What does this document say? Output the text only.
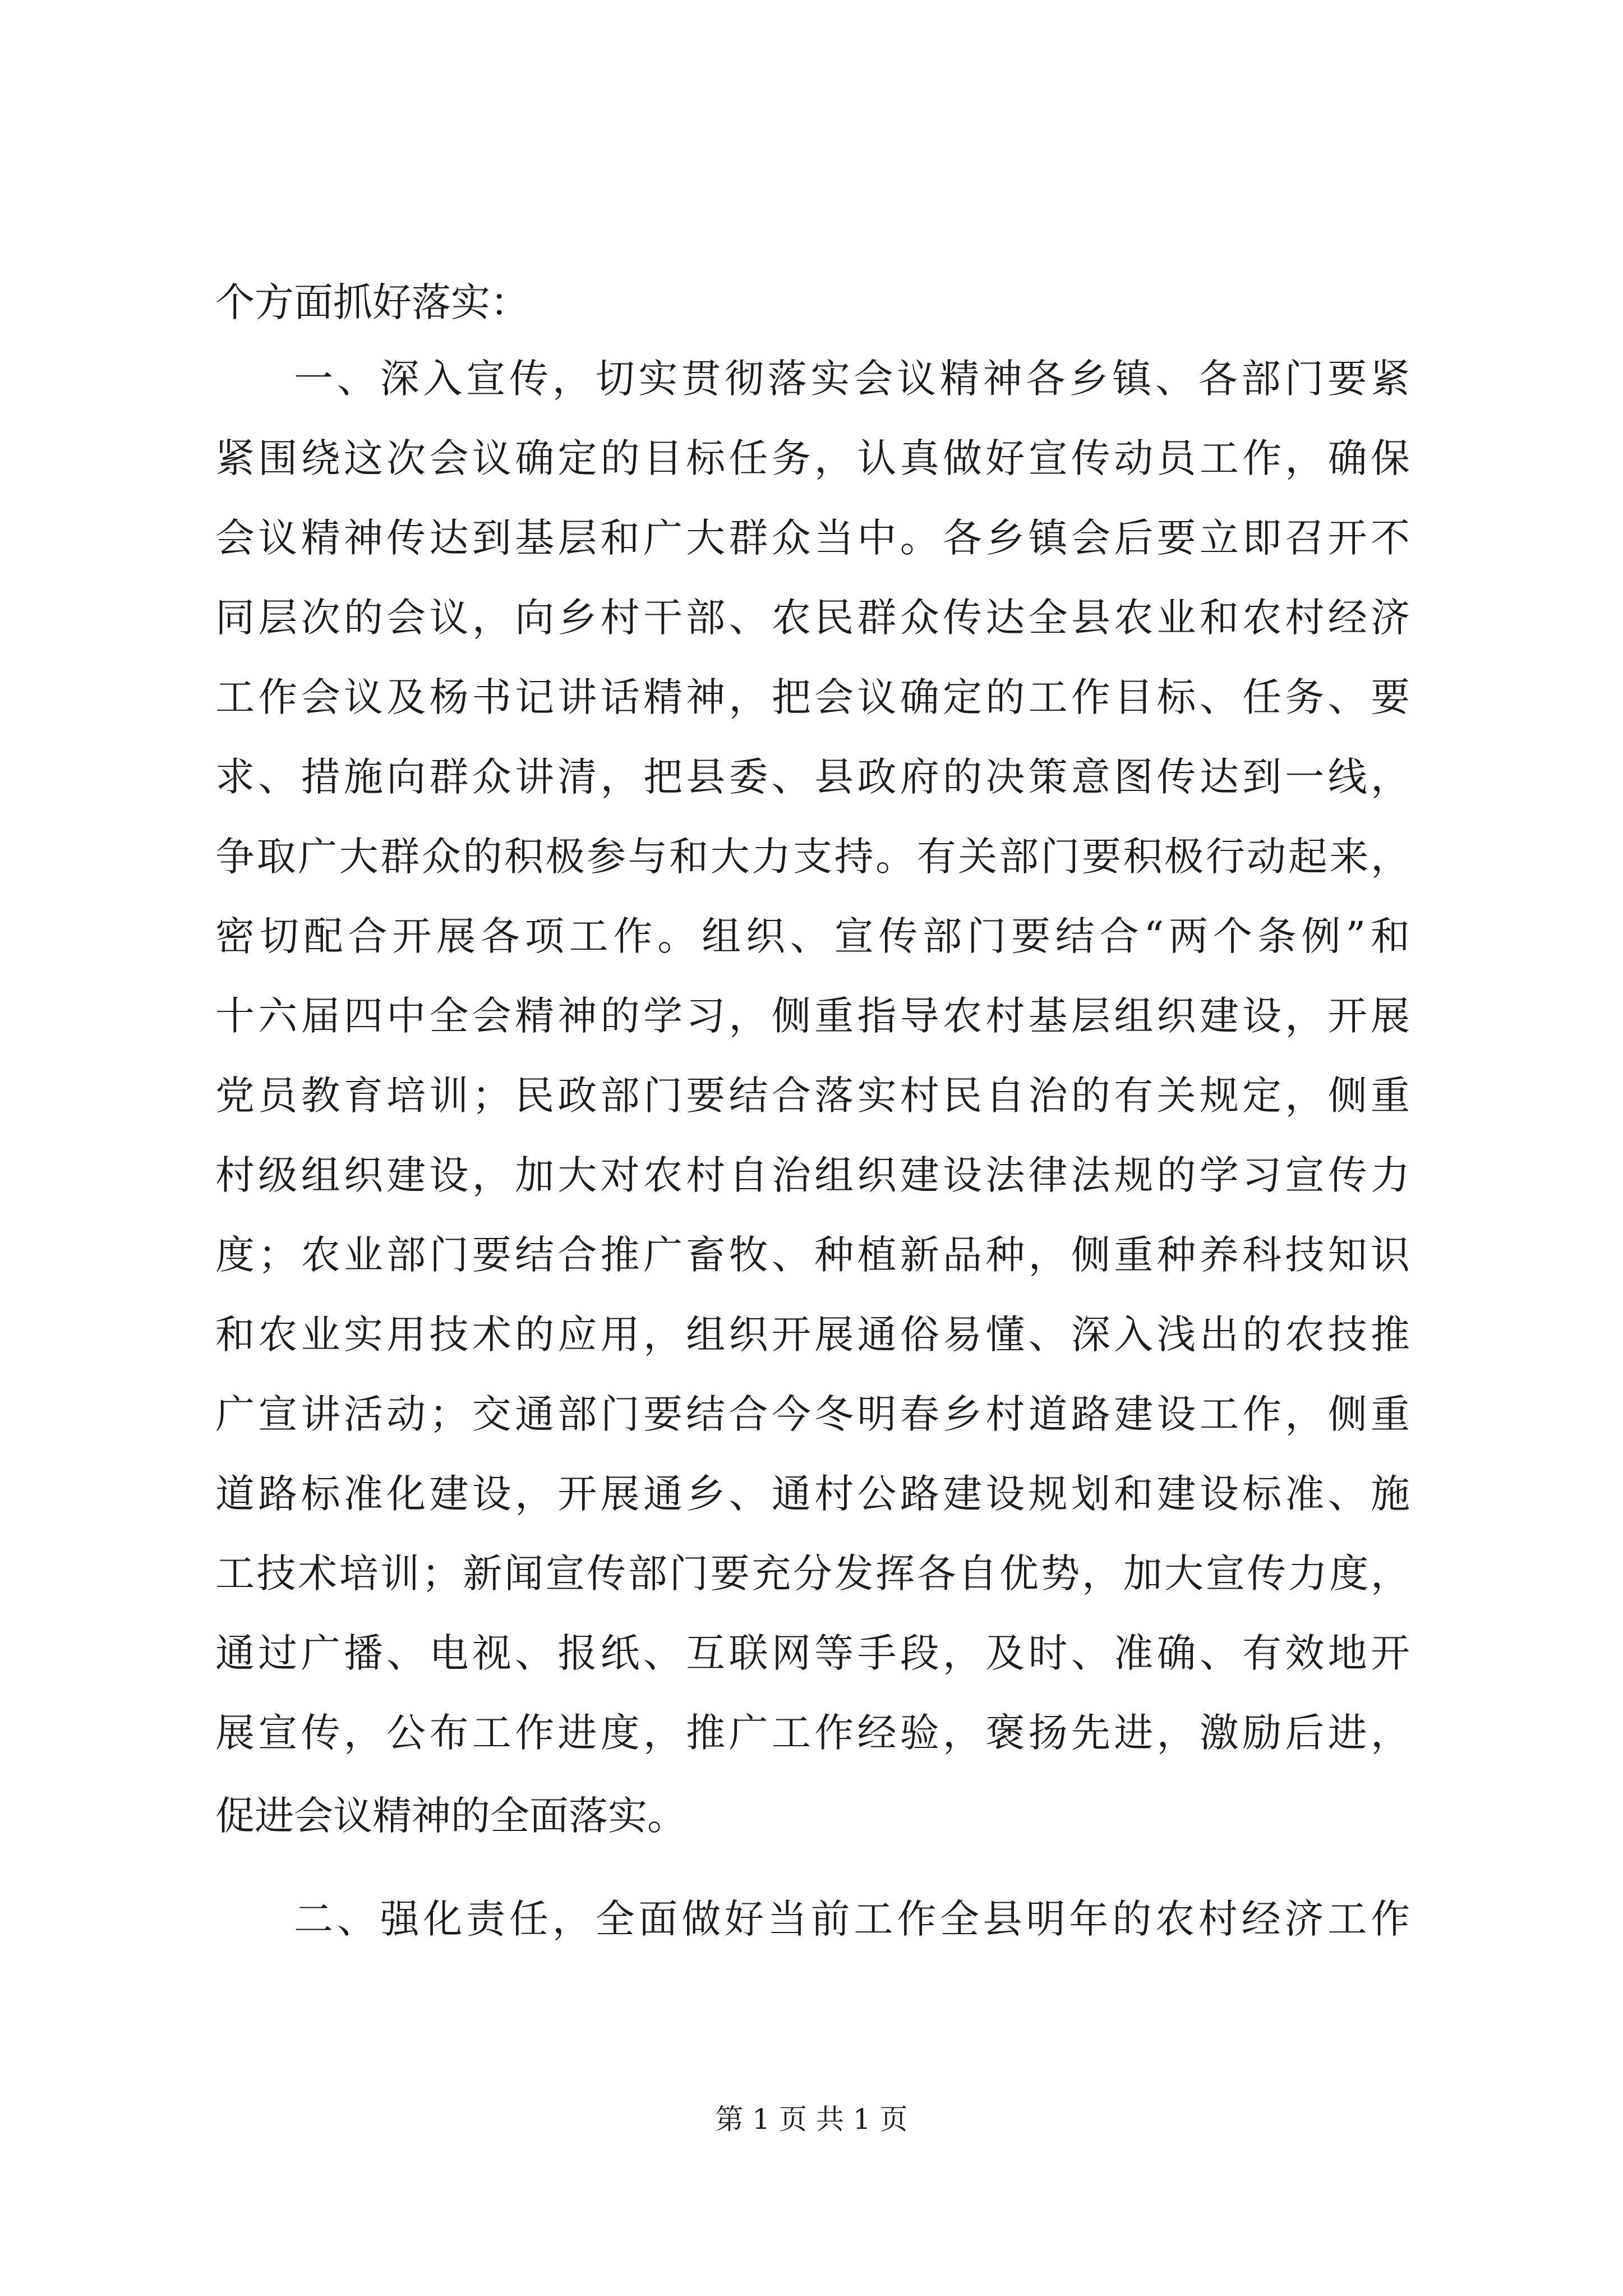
个方面抓好落实：
一、深入宣传，切实贯彻落实会议精神各乡镇、各部门要紧
紧围绕这次会议确定的目标任务，认真做好宣传动员工作，确保
会议精神传达到基层和广大群众当中。各乡镇会后要立即召开不
同层次的会议，向乡村干部、农民群众传达全县农业和农村经济
工作会议及杨书记讲话精神，把会议确定的工作目标、任务、要
求、措施向群众讲清，把县委、县政府的决策意图传达到一线，
争取广大群众的积极参与和大力支持。有关部门要积极行动起来，
密切配合开展各项工作。组织、宣传部门要结合“两个条例”和
十六届四中全会精神的学习，侧重指导农村基层组织建设，开展
党员教育培训；民政部门要结合落实村民自治的有关规定，侧重
村级组织建设，加大对农村自治组织建设法律法规的学习宣传力
度；农业部门要结合推广畜牧、种植新品种，侧重种养科技知识
和农业实用技术的应用，组织开展通俗易懂、深入浅出的农技推
广宣讲活动；交通部门要结合今冬明春乡村道路建设工作，侧重
道路标准化建设，开展通乡、通村公路建设规划和建设标准、施
工技术培训；新闻宣传部门要充分发挥各自优势，加大宣传力度，
通过广播、电视、报纸、互联网等手段，及时、准确、有效地开
展宣传，公布工作进度，推广工作经验，褒扬先进，激励后进，
促进会议精神的全面落实。
二、强化责任，全面做好当前工作全县明年的农村经济工作
第 1 页 共 1 页
